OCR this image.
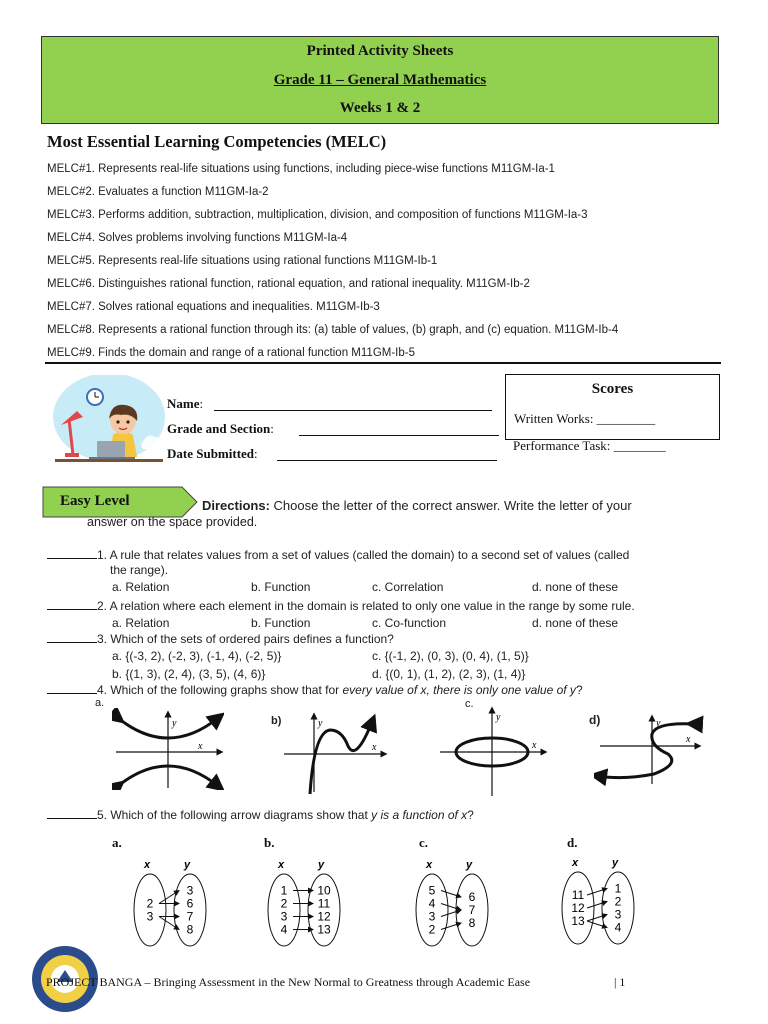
Printed Activity Sheets
Grade 11 – General Mathematics
Weeks 1 & 2
Most Essential Learning Competencies (MELC)
MELC#1. Represents real-life situations using functions, including piece-wise functions M11GM-Ia-1
MELC#2. Evaluates a function M11GM-Ia-2
MELC#3. Performs addition, subtraction, multiplication, division, and composition of functions M11GM-Ia-3
MELC#4. Solves problems involving functions M11GM-Ia-4
MELC#5. Represents real-life situations using rational functions M11GM-Ib-1
MELC#6. Distinguishes rational function, rational equation, and rational inequality. M11GM-Ib-2
MELC#7. Solves rational equations and inequalities. M11GM-Ib-3
MELC#8. Represents a rational function through its: (a) table of values, (b) graph, and (c) equation. M11GM-Ib-4
MELC#9. Finds the domain and range of a rational function M11GM-Ib-5
Name:
Grade and Section:
Date Submitted:
Scores
Written Works: _________
Performance Task: ________
Easy Level	Directions: Choose the letter of the correct answer. Write the letter of your
answer on the space provided.
1. A rule that relates values from a set of values (called the domain) to a second set of values (called
the range).
a. Relation	b. Function	c. Correlation	d. none of these
2. A relation where each element in the domain is related to only one value in the range by some rule.
a. Relation	b. Function	c. Co-function	d. none of these
3. Which of the sets of ordered pairs defines a function?
a. {(-3, 2), (-2, 3), (-1, 4), (-2, 5)}	c. {(-1, 2), (0, 3), (0, 4), (1, 5)}
b. {(1, 3), (2, 4), (3, 5), (4, 6)}	d. {(0, 1), (1, 2), (2, 3), (1, 4)}
4. Which of the following graphs show that for every value of x, there is only one value of y?
a.
b)
c.
d)
x
y
x
y
x
y
x
y
5. Which of the following arrow diagrams show that y is a function of x?
a.	b.	c.	d.
x	y
2
3
3
6
7
8
x	y
1
2
3
4
10
11
12
13
x	y
5
4
3
2
6
7
8
x	y
11
12
13
1
2
3
4
PROJECT BANGA – Bringing Assessment in the New Normal to Greatness through Academic Ease	| 1
